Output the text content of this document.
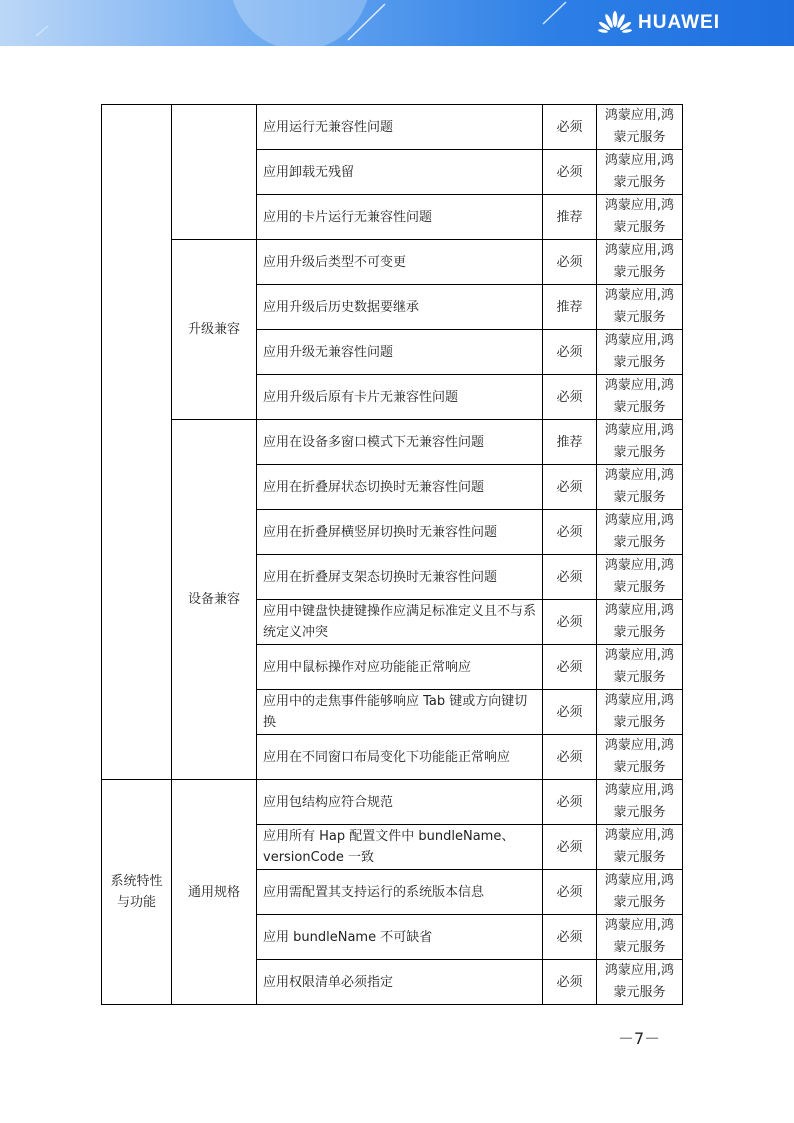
HUAWEI
		应用运行无兼容性问题	必须	鸿蒙应用,鸿蒙元服务
		应用卸载无残留	必须	鸿蒙应用,鸿蒙元服务
		应用的卡片运行无兼容性问题	推荐	鸿蒙应用,鸿蒙元服务
	升级兼容	应用升级后类型不可变更	必须	鸿蒙应用,鸿蒙元服务
		应用升级后历史数据要继承	推荐	鸿蒙应用,鸿蒙元服务
		应用升级无兼容性问题	必须	鸿蒙应用,鸿蒙元服务
		应用升级后原有卡片无兼容性问题	必须	鸿蒙应用,鸿蒙元服务
	设备兼容	应用在设备多窗口模式下无兼容性问题	推荐	鸿蒙应用,鸿蒙元服务
		应用在折叠屏状态切换时无兼容性问题	必须	鸿蒙应用,鸿蒙元服务
		应用在折叠屏横竖屏切换时无兼容性问题	必须	鸿蒙应用,鸿蒙元服务
		应用在折叠屏支架态切换时无兼容性问题	必须	鸿蒙应用,鸿蒙元服务
		应用中键盘快捷键操作应满足标准定义且不与系统定义冲突	必须	鸿蒙应用,鸿蒙元服务
		应用中鼠标操作对应功能能正常响应	必须	鸿蒙应用,鸿蒙元服务
		应用中的走焦事件能够响应 Tab 键或方向键切换	必须	鸿蒙应用,鸿蒙元服务
		应用在不同窗口布局变化下功能能正常响应	必须	鸿蒙应用,鸿蒙元服务
系统特性与功能	通用规格	应用包结构应符合规范	必须	鸿蒙应用,鸿蒙元服务
		应用所有 Hap 配置文件中 bundleName、versionCode 一致	必须	鸿蒙应用,鸿蒙元服务
		应用需配置其支持运行的系统版本信息	必须	鸿蒙应用,鸿蒙元服务
		应用 bundleName 不可缺省	必须	鸿蒙应用,鸿蒙元服务
		应用权限清单必须指定	必须	鸿蒙应用,鸿蒙元服务
－7－
